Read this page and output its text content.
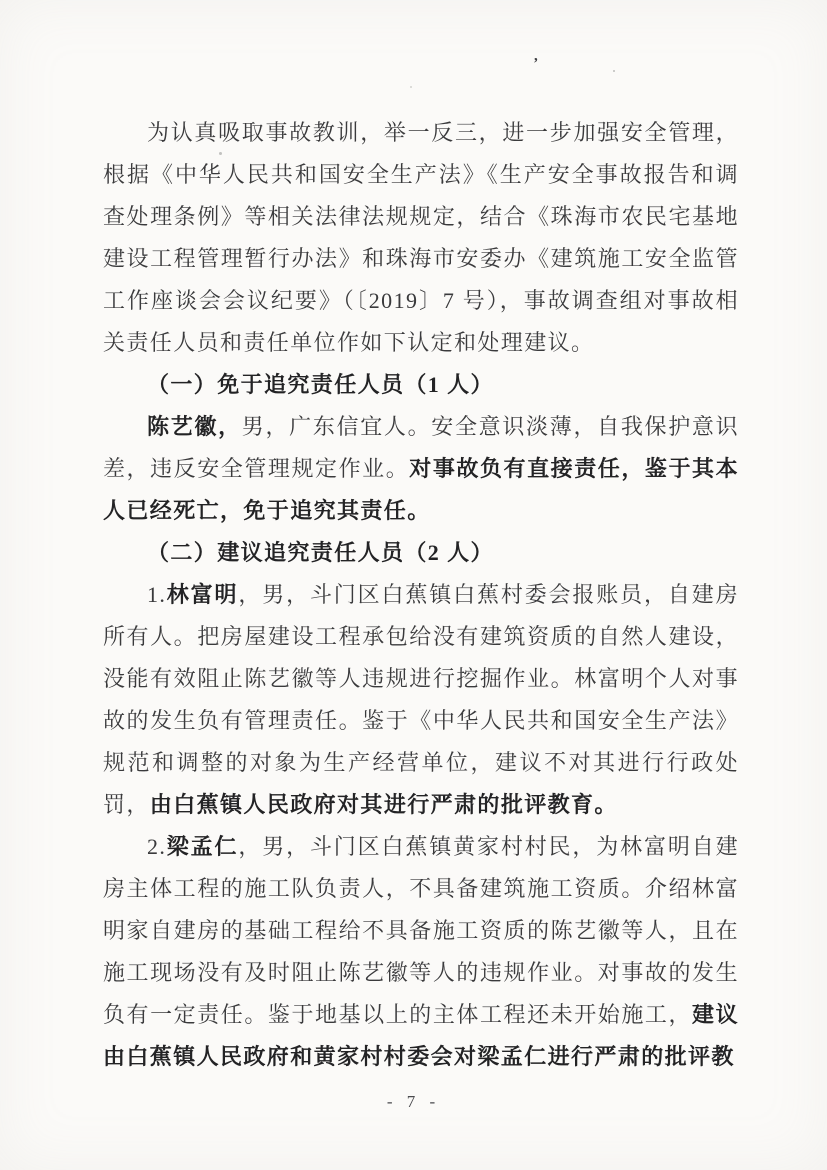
,

为认真吸取事故教训，举一反三，进一步加强安全管理，根据《中华人民共和国安全生产法》《生产安全事故报告和调查处理条例》等相关法律法规规定，结合《珠海市农民宅基地建设工程管理暂行办法》和珠海市安委办《建筑施工安全监管工作座谈会会议纪要》（〔2019〕7 号），事故调查组对事故相关责任人员和责任单位作如下认定和处理建议。

（一）免于追究责任人员（1 人）

陈艺徽，男，广东信宜人。安全意识淡薄，自我保护意识差，违反安全管理规定作业。对事故负有直接责任，鉴于其本人已经死亡，免于追究其责任。

（二）建议追究责任人员（2 人）

1.林富明，男，斗门区白蕉镇白蕉村委会报账员，自建房所有人。把房屋建设工程承包给没有建筑资质的自然人建设，没能有效阻止陈艺徽等人违规进行挖掘作业。林富明个人对事故的发生负有管理责任。鉴于《中华人民共和国安全生产法》规范和调整的对象为生产经营单位，建议不对其进行行政处罚，由白蕉镇人民政府对其进行严肃的批评教育。

2.梁孟仁，男，斗门区白蕉镇黄家村村民，为林富明自建房主体工程的施工队负责人，不具备建筑施工资质。介绍林富明家自建房的基础工程给不具备施工资质的陈艺徽等人，且在施工现场没有及时阻止陈艺徽等人的违规作业。对事故的发生负有一定责任。鉴于地基以上的主体工程还未开始施工，建议由白蕉镇人民政府和黄家村村委会对梁孟仁进行严肃的批评教

- 7 -
